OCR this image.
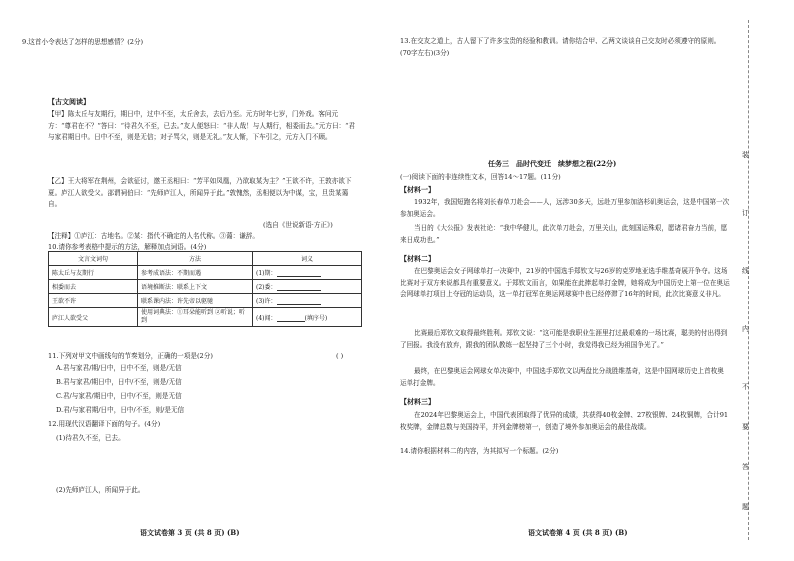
9.这首小令表达了怎样的思想感情？(2分)
【古文阅读】
【甲】陈太丘与友期行，期日中，过中不至，太丘舍去，去后乃至。元方时年七岁，门外戏。客问元方：“尊君在不？”答曰：“待君久不至，已去。”友人便怒曰：“非人哉！与人期行，相委而去。”元方曰：“君与家君期日中。日中不至，则是无信；对子骂父，则是无礼。”友人惭，下车引之，元方入门不顾。
【乙】王大将军在荆州，会欲征讨，邀王丞相曰：“芳平如凤凰，乃欲取某为主？”王欲不许，王敦亦欲下夏。庐江人欲受父。邵谓祠伯曰：“先师庐江人，所闻异于此。”敦愧然，丞相便以为中谋，宝，旦贵某蔼自。
(选自《世说新语·方正》)
【注释】①庐江：古地名。②某：指代不确定的人名代称。③蔼：谦辞。
10.请你参考表格中提示的方法，解释加点词语。(4分)
文言文词句	方法	词义
陈太丘与友期行	参考成语法：不期而遇	(1)期：
相委而去	语境推断法：联系上下文	(2)委：
王欲不许	联系课内法：许先帝以驱驰	(3)许：
庐江人欲受父	使用词典法：①耳朵能听到 ②听说；听到	(4)闻： (填序号)
11.下列对甲文中画线句的节奏划分，正确的一项是(2分)	( )
A.君与家君/期/日中，日中不至，则是/无信
B.君与家君/期日中，日中/不至，则是/无信
C.君/与家君/期日中，日中/不至，则是无信
D.君/与家君期/日中，日中/不至，则/是无信
12.用现代汉语翻译下面的句子。(4分)
(1)待君久不至，已去。
(2)先师庐江人，所闻异于此。
语文试卷第 3 页 (共 8 页) (B)
13.在交友之道上，古人留下了许多宝贵的经验和教训。请你结合甲、乙两文谈谈自己交友时必须遵守的原则。(70字左右)(3分)
任务三　品时代变迁　续梦想之程(22分)
(一)阅读下面的非连续性文本，回答14～17题。(11分)
【材料一】
1932年，我国短跑名将刘长春单刀赴会——人，远涉30多天，远赴万里参加洛杉矶奥运会，这是中国第一次参加奥运会。
当日的《大公报》发表社论：“我中华健儿，此次单刀赴会，万里关山，此刻国运殊艰，愿诸君奋力当前，愿来日成功也。”
【材料二】
在巴黎奥运会女子网球单打一决赛中，21岁的中国选手郑钦文与26岁的克罗地亚选手维基奇展开争夺。这场比赛对于双方来说都具有重要意义。于郑钦文而言，如果能在此捧起单打金牌，她将成为中国历史上第一位在奥运会网球单打项目上夺冠的运动员，这一单打冠军在奥运网球赛中也已经停滞了16年的时间，此次比赛意义非凡。
比赛最后郑钦文取得最终胜利。郑钦文说：“这可能是我职业生涯里打过最艰难的一场比赛，聪美的付出得到了回报。我没有放弃，跟我的团队教练一起坚持了三个小时，我觉得我已经为祖国争光了。”
最终，在巴黎奥运会网球女单决赛中，中国选手郑钦文以两盘比分战胜维基奇，这是中国网球历史上首枚奥运单打金牌。
【材料三】
在2024年巴黎奥运会上，中国代表团取得了优异的成绩，共获得40枚金牌、27枚银牌、24枚铜牌，合计91枚奖牌，金牌总数与美国持平，并列金牌榜第一，创造了境外参加奥运会的最佳战绩。
14.请你根据材料二的内容，为其拟写一个标题。(2分)
语文试卷第 4 页 (共 8 页) (B)
装
订
线
内
不
要
答
题
